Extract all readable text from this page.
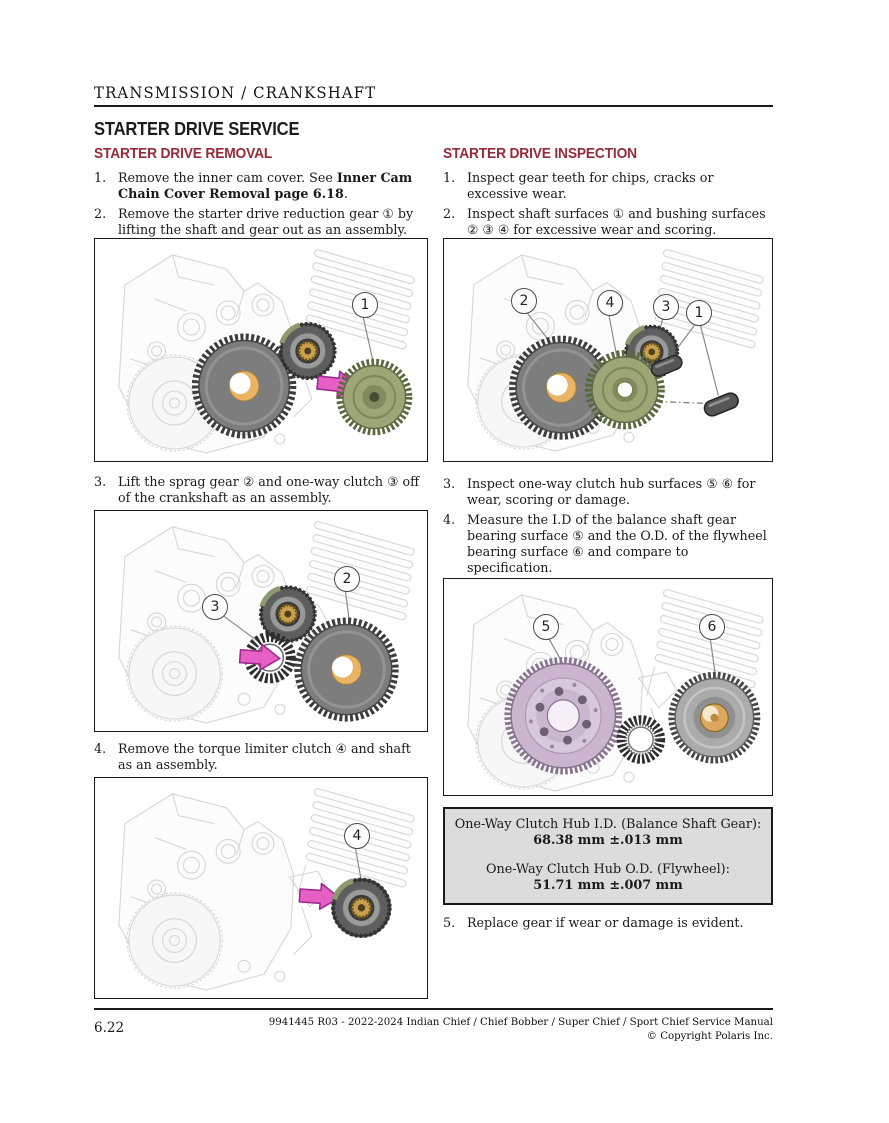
TRANSMISSION / CRANKSHAFT
STARTER DRIVE SERVICE
STARTER DRIVE REMOVAL
1. Remove the inner cam cover. See Inner Cam Chain Cover Removal page 6.18.
2. Remove the starter drive reduction gear ① by lifting the shaft and gear out as an assembly.
1
3. Lift the sprag gear ② and one-way clutch ③ off of the crankshaft as an assembly.
3
2
4. Remove the torque limiter clutch ④ and shaft as an assembly.
4
STARTER DRIVE INSPECTION
1. Inspect gear teeth for chips, cracks or excessive wear.
2. Inspect shaft surfaces ① and bushing surfaces ② ③ ④ for excessive wear and scoring.
2	4	3	1
3. Inspect one-way clutch hub surfaces ⑤ ⑥ for wear, scoring or damage.
4. Measure the I.D of the balance shaft gear bearing surface ⑤ and the O.D. of the flywheel bearing surface ⑥ and compare to specification.
5	6
One-Way Clutch Hub I.D. (Balance Shaft Gear):
68.38 mm ±.013 mm
One-Way Clutch Hub O.D. (Flywheel):
51.71 mm ±.007 mm
5. Replace gear if wear or damage is evident.
6.22	9941445 R03 - 2022-2024 Indian Chief / Chief Bobber / Super Chief / Sport Chief Service Manual
© Copyright Polaris Inc.
